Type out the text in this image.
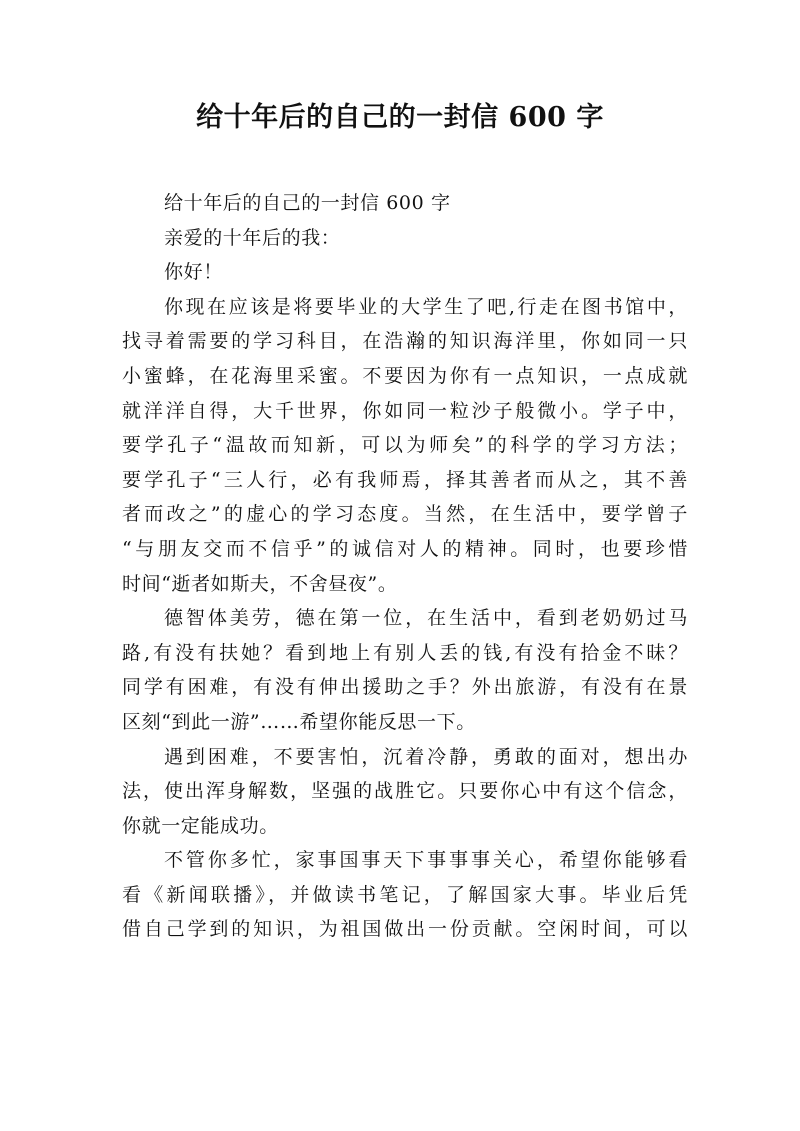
给十年后的自己的一封信 600 字
给十年后的自己的一封信 600 字
亲爱的十年后的我：
你好！
你现在应该是将要毕业的大学生了吧,行走在图书馆中，
找寻着需要的学习科目，在浩瀚的知识海洋里，你如同一只
小蜜蜂，在花海里采蜜。不要因为你有一点知识，一点成就
就洋洋自得，大千世界，你如同一粒沙子般微小。学子中，
要学孔子“温故而知新，可以为师矣”的科学的学习方法；
要学孔子“三人行，必有我师焉，择其善者而从之，其不善
者而改之”的虚心的学习态度。当然，在生活中，要学曾子
“与朋友交而不信乎”的诚信对人的精神。同时，也要珍惜
时间“逝者如斯夫，不舍昼夜”。
德智体美劳，德在第一位，在生活中，看到老奶奶过马
路,有没有扶她？看到地上有别人丢的钱,有没有拾金不昧？
同学有困难，有没有伸出援助之手？外出旅游，有没有在景
区刻“到此一游”……希望你能反思一下。
遇到困难，不要害怕，沉着冷静，勇敢的面对，想出办
法，使出浑身解数，坚强的战胜它。只要你心中有这个信念，
你就一定能成功。
不管你多忙，家事国事天下事事事关心，希望你能够看
看《新闻联播》，并做读书笔记，了解国家大事。毕业后凭
借自己学到的知识，为祖国做出一份贡献。空闲时间，可以
